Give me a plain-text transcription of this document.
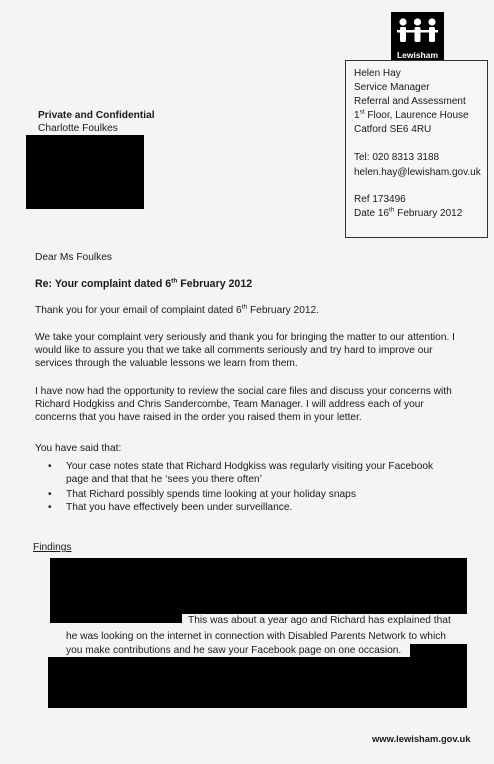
Lewisham
Helen Hay
Service Manager
Referral and Assessment
1st Floor, Laurence House
Catford SE6 4RU
Tel: 020 8313 3188
helen.hay@lewisham.gov.uk
Ref 173496
Date 16th February 2012
Private and Confidential
Charlotte Foulkes
Dear Ms Foulkes
Re: Your complaint dated 6th February 2012
Thank you for your email of complaint dated 6th February 2012.
We take your complaint very seriously and thank you for bringing the matter to our attention. I
would like to assure you that we take all comments seriously and try hard to improve our
services through the valuable lessons we learn from them.
I have now had the opportunity to review the social care files and discuss your concerns with
Richard Hodgkiss and Chris Sandercombe, Team Manager. I will address each of your
concerns that you have raised in the order you raised them in your letter.
You have said that:
• Your case notes state that Richard Hodgkiss was regularly visiting your Facebook
page and that that he ‘sees you there often’
• That Richard possibly spends time looking at your holiday snaps
• That you have effectively been under surveillance.
Findings
This was about a year ago and Richard has explained that
he was looking on the internet in connection with Disabled Parents Network to which
you make contributions and he saw your Facebook page on one occasion.
www.lewisham.gov.uk
